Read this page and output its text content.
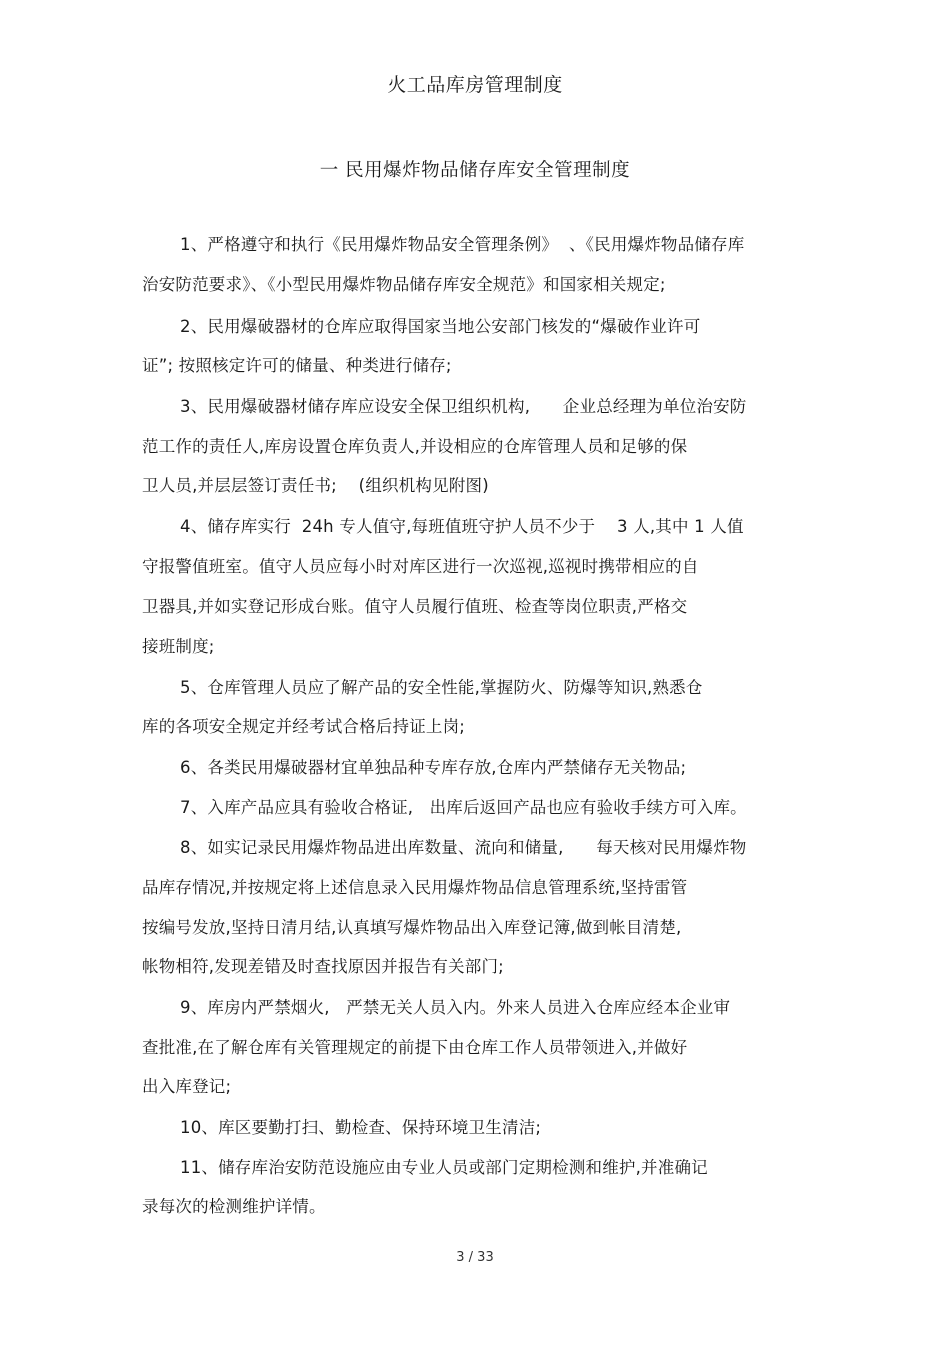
火工品库房管理制度
一 民用爆炸物品储存库安全管理制度
1、严格遵守和执行《民用爆炸物品安全管理条例》  、《民用爆炸物品储存库
治安防范要求》、《小型民用爆炸物品储存库安全规范》和国家相关规定;
2、民用爆破器材的仓库应取得国家当地公安部门核发的“爆破作业许可
证”; 按照核定许可的储量、种类进行储存;
3、民用爆破器材储存库应设安全保卫组织机构,      企业总经理为单位治安防
范工作的责任人,库房设置仓库负责人,并设相应的仓库管理人员和足够的保
卫人员,并层层签订责任书;    (组织机构见附图)
4、储存库实行  24h 专人值守,每班值班守护人员不少于    3 人,其中 1 人值
守报警值班室。值守人员应每小时对库区进行一次巡视,巡视时携带相应的自
卫器具,并如实登记形成台账。值守人员履行值班、检查等岗位职责,严格交
接班制度;
5、仓库管理人员应了解产品的安全性能,掌握防火、防爆等知识,熟悉仓
库的各项安全规定并经考试合格后持证上岗;
6、各类民用爆破器材宜单独品种专库存放,仓库内严禁储存无关物品;
7、入库产品应具有验收合格证,   出库后返回产品也应有验收手续方可入库。
8、如实记录民用爆炸物品进出库数量、流向和储量,      每天核对民用爆炸物
品库存情况,并按规定将上述信息录入民用爆炸物品信息管理系统,坚持雷管
按编号发放,坚持日清月结,认真填写爆炸物品出入库登记簿,做到帐目清楚,
帐物相符,发现差错及时查找原因并报告有关部门;
9、库房内严禁烟火,   严禁无关人员入内。外来人员进入仓库应经本企业审
查批准,在了解仓库有关管理规定的前提下由仓库工作人员带领进入,并做好
出入库登记;
10、库区要勤打扫、勤检查、保持环境卫生清洁;
11、储存库治安防范设施应由专业人员或部门定期检测和维护,并准确记
录每次的检测维护详情。
3 / 33
